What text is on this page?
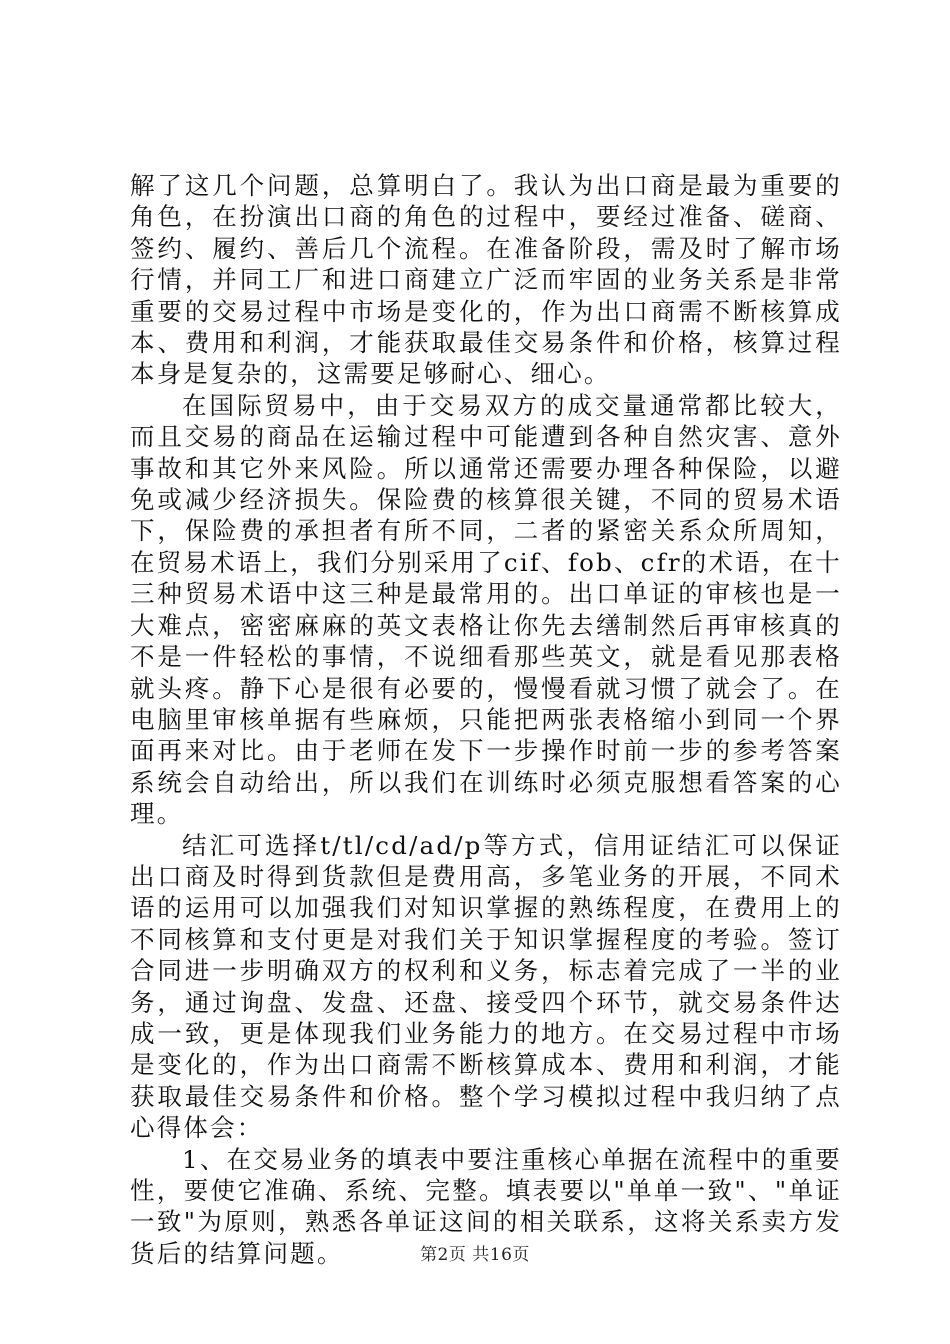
解了这几个问题，总算明白了。我认为出口商是最为重要的角色，在扮演出口商的角色的过程中，要经过准备、磋商、签约、履约、善后几个流程。在准备阶段，需及时了解市场行情，并同工厂和进口商建立广泛而牢固的业务关系是非常重要的交易过程中市场是变化的，作为出口商需不断核算成本、费用和利润，才能获取最佳交易条件和价格，核算过程本身是复杂的，这需要足够耐心、细心。

在国际贸易中，由于交易双方的成交量通常都比较大，而且交易的商品在运输过程中可能遭到各种自然灾害、意外事故和其它外来风险。所以通常还需要办理各种保险，以避免或减少经济损失。保险费的核算很关键，不同的贸易术语下，保险费的承担者有所不同，二者的紧密关系众所周知，在贸易术语上，我们分别采用了cif、fob、cfr的术语，在十三种贸易术语中这三种是最常用的。出口单证的审核也是一大难点，密密麻麻的英文表格让你先去缮制然后再审核真的不是一件轻松的事情，不说细看那些英文，就是看见那表格就头疼。静下心是很有必要的，慢慢看就习惯了就会了。在电脑里审核单据有些麻烦，只能把两张表格缩小到同一个界面再来对比。由于老师在发下一步操作时前一步的参考答案系统会自动给出，所以我们在训练时必须克服想看答案的心理。

结汇可选择t/tl/cd/ad/p等方式，信用证结汇可以保证出口商及时得到货款但是费用高，多笔业务的开展，不同术语的运用可以加强我们对知识掌握的熟练程度，在费用上的不同核算和支付更是对我们关于知识掌握程度的考验。签订合同进一步明确双方的权利和义务，标志着完成了一半的业务，通过询盘、发盘、还盘、接受四个环节，就交易条件达成一致，更是体现我们业务能力的地方。在交易过程中市场是变化的，作为出口商需不断核算成本、费用和利润，才能获取最佳交易条件和价格。整个学习模拟过程中我归纳了点心得体会：

1、在交易业务的填表中要注重核心单据在流程中的重要性，要使它准确、系统、完整。填表要以"单单一致"、"单证一致"为原则，熟悉各单证这间的相关联系，这将关系卖方发货后的结算问题。	第2页 共16页
